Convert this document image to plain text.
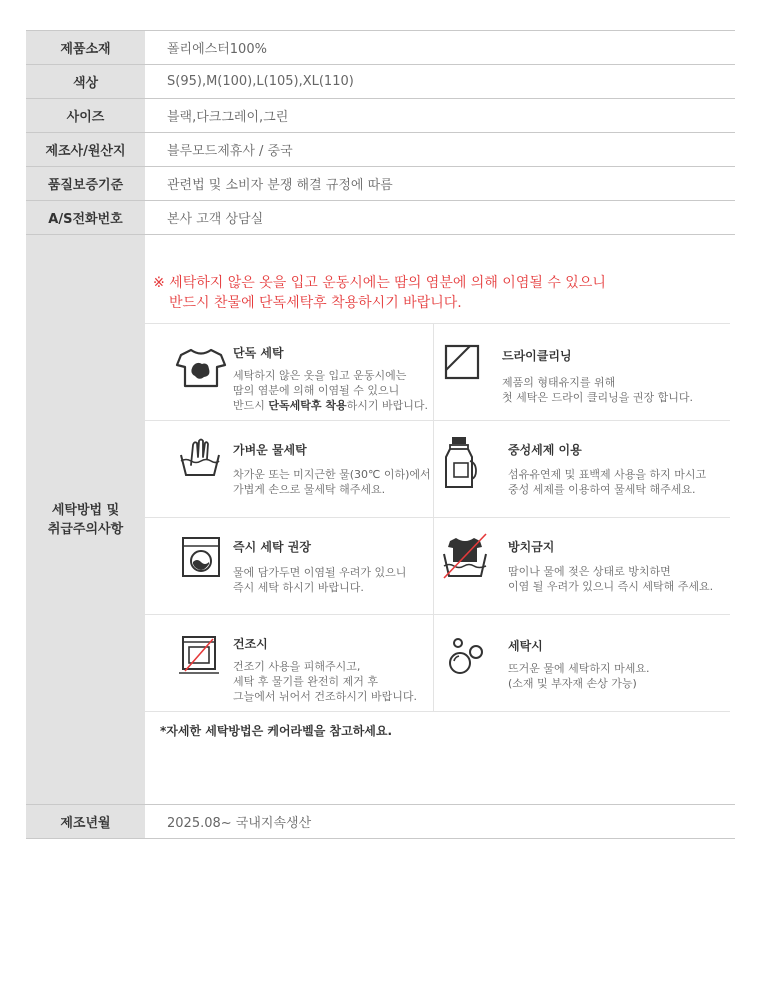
제품소재	폴리에스터100%
색상	S(95),M(100),L(105),XL(110)
사이즈	블랙,다크그레이,그린
제조사/원산지	블루모드제휴사 / 중국
품질보증기준	관련법 및 소비자 분쟁 해결 규정에 따름
A/S전화번호	본사 고객 상담실
세탁방법 및
취급주의사항
※ 세탁하지 않은 옷을 입고 운동시에는 땀의 염분에 의해 이염될 수 있으니
반드시 찬물에 단독세탁후 착용하시기 바랍니다.
단독 세탁
세탁하지 않은 옷을 입고 운동시에는
땀의 염분에 의해 이염될 수 있으니
반드시 단독세탁후 착용하시기 바랍니다.
드라이클리닝
제품의 형태유지를 위해
첫 세탁은 드라이 클리닝을 권장 합니다.
가벼운 물세탁
차가운 또는 미지근한 물(30℃ 이하)에서
가볍게 손으로 물세탁 해주세요.
중성세제 이용
섬유유연제 및 표백제 사용을 하지 마시고
중성 세제를 이용하여 물세탁 해주세요.
즉시 세탁 권장
물에 담가두면 이염될 우려가 있으니
즉시 세탁 하시기 바랍니다.
방치금지
땀이나 물에 젖은 상태로 방치하면
이염 될 우려가 있으니 즉시 세탁해 주세요.
건조시
건조기 사용을 피해주시고,
세탁 후 물기를 완전히 제거 후
그늘에서 뉘어서 건조하시기 바랍니다.
세탁시
뜨거운 물에 세탁하지 마세요.
(소재 및 부자재 손상 가능)
*자세한 세탁방법은 케어라벨을 참고하세요.
제조년월	2025.08~ 국내지속생산
